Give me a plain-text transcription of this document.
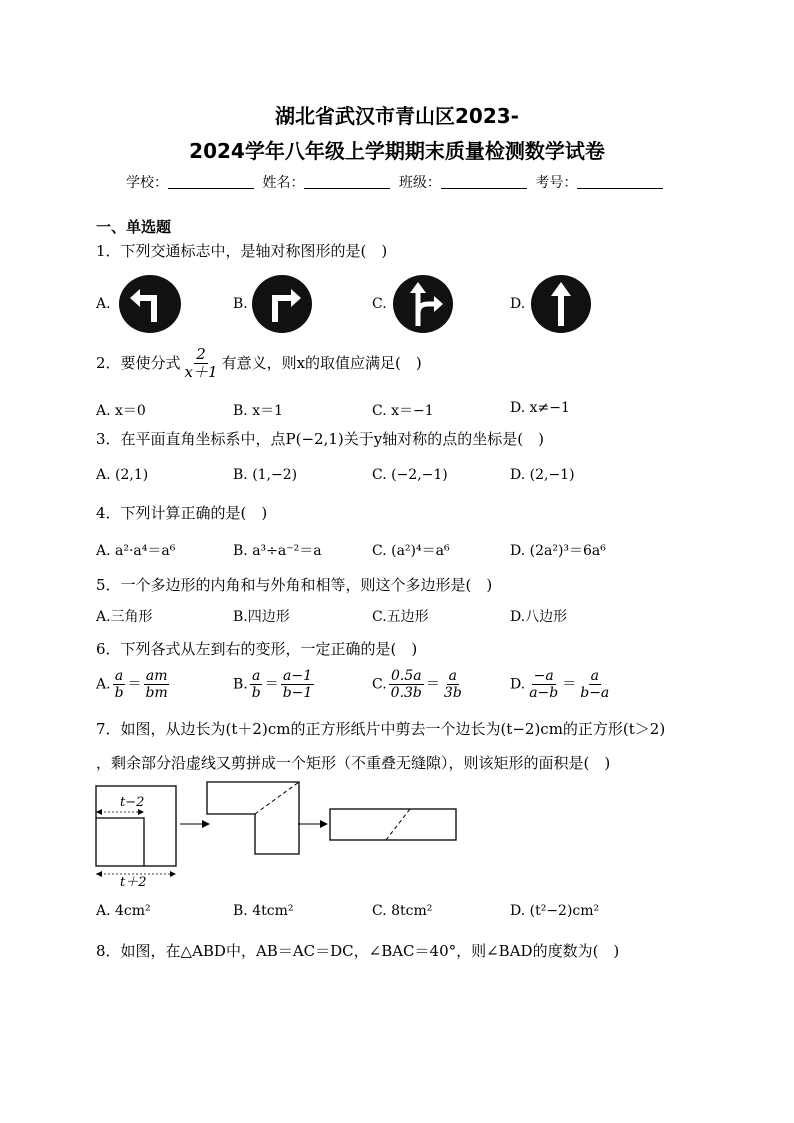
湖北省武汉市青山区2023-
2024学年八年级上学期期末质量检测数学试卷
学校：	姓名：	班级：	考号：
一、单选题
1．下列交通标志中，是轴对称图形的是(　)
A.	B.	C.	D.
2．要使分式 $\frac{2}{x+1}$ 有意义，则x的取值应满足(　)
A. x＝0	B. x＝1	C. x＝−1	D. x≠−1
3．在平面直角坐标系中，点P(−2,1)关于y轴对称的点的坐标是(　)
A. (2,1)	B. (1,−2)	C. (−2,−1)	D. (2,−1)
4．下列计算正确的是(　)
A. a²·a⁴＝a⁶	B. a³÷a⁻²＝a	C. (a²)⁴＝a⁶	D. (2a²)³＝6a⁶
5．一个多边形的内角和与外角和相等，则这个多边形是(　)
A.三角形	B.四边形	C.五边形	D.八边形
6．下列各式从左到右的变形，一定正确的是(　)
A. $\frac{a}{b} = \frac{am}{bm}$	B. $\frac{a}{b} = \frac{a-1}{b-1}$	C. $\frac{0.5a}{0.3b} = \frac{a}{3b}$	D. $\frac{-a}{a-b} = \frac{a}{b-a}$
7．如图，从边长为(t＋2)cm的正方形纸片中剪去一个边长为(t−2)cm的正方形(t＞2)
，剩余部分沿虚线又剪拼成一个矩形（不重叠无缝隙），则该矩形的面积是(　)
t−2
t＋2
A. 4cm²	B. 4tcm²	C. 8tcm²	D. (t²−2)cm²
8．如图，在△ABD中，AB＝AC＝DC，∠BAC＝40°，则∠BAD的度数为(　)
